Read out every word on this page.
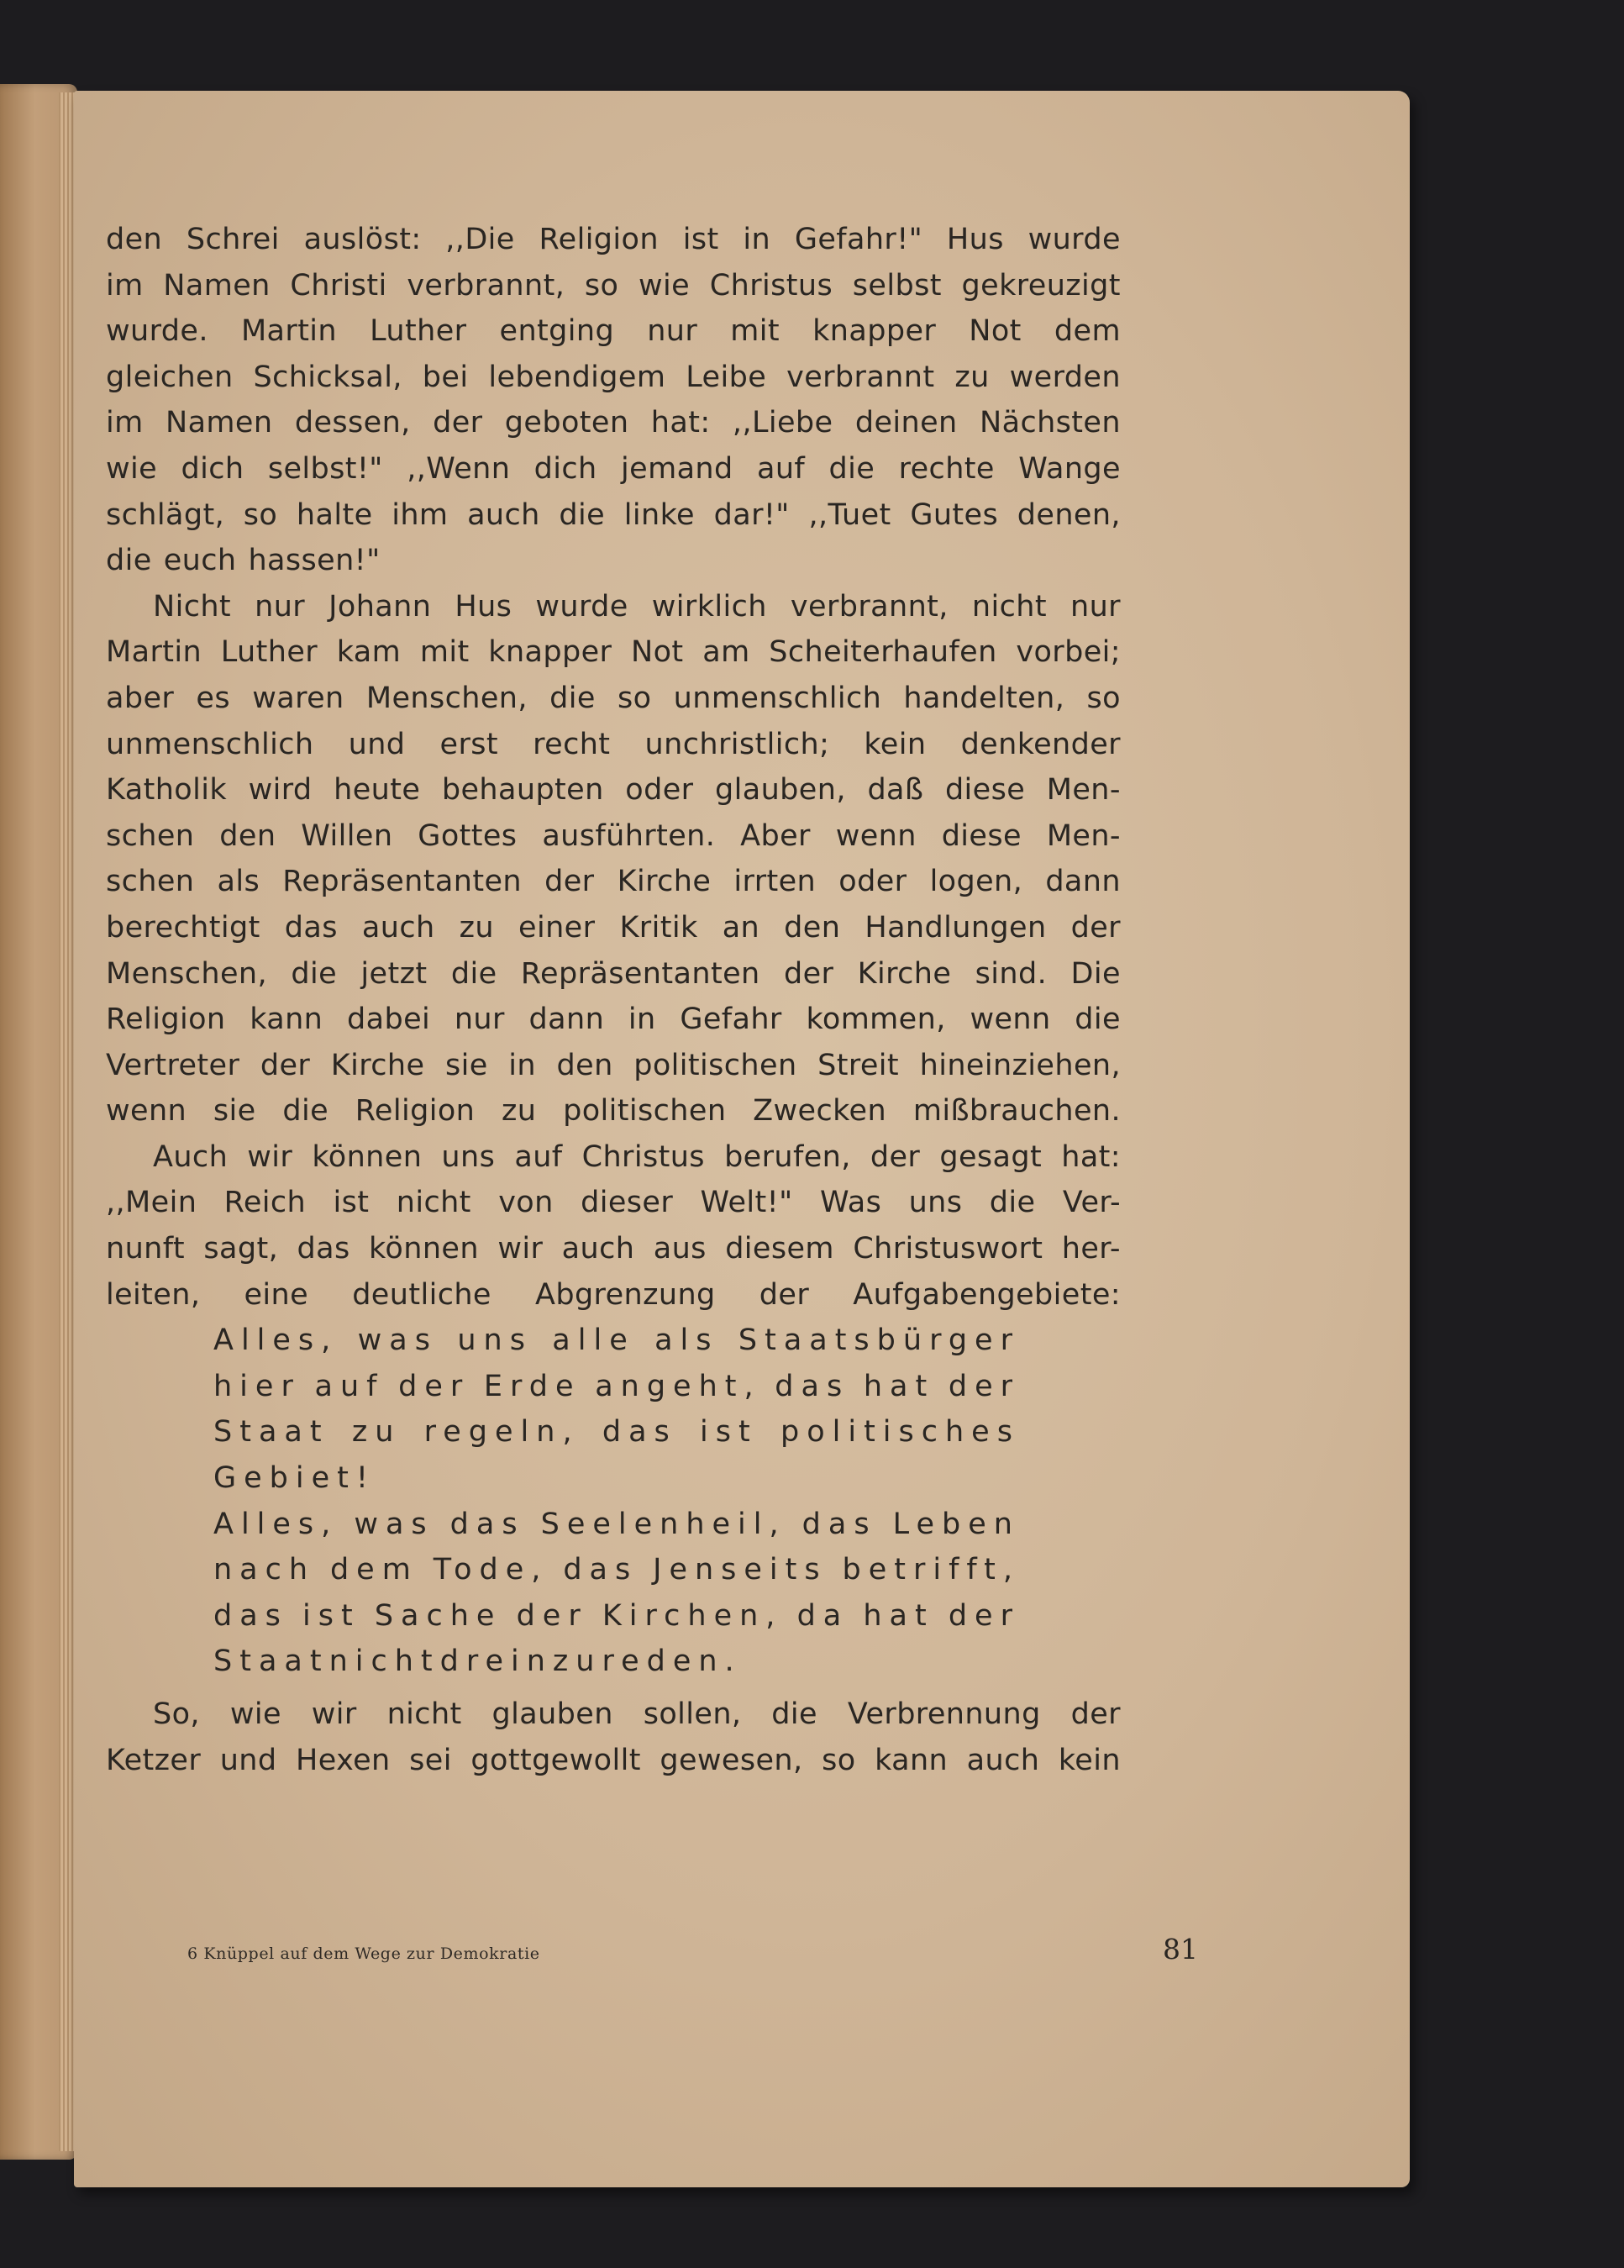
den Schrei auslöst: ,,Die Religion ist in Gefahr!" Hus wurde
im Namen Christi verbrannt, so wie Christus selbst gekreuzigt
wurde. Martin Luther entging nur mit knapper Not dem
gleichen Schicksal, bei lebendigem Leibe verbrannt zu werden
im Namen dessen, der geboten hat: ,,Liebe deinen Nächsten
wie dich selbst!" ,,Wenn dich jemand auf die rechte Wange
schlägt, so halte ihm auch die linke dar!" ,,Tuet Gutes denen,
die euch hassen!"
Nicht nur Johann Hus wurde wirklich verbrannt, nicht nur
Martin Luther kam mit knapper Not am Scheiterhaufen vorbei;
aber es waren Menschen, die so unmenschlich handelten, so
unmenschlich und erst recht unchristlich; kein denkender
Katholik wird heute behaupten oder glauben, daß diese Men-
schen den Willen Gottes ausführten. Aber wenn diese Men-
schen als Repräsentanten der Kirche irrten oder logen, dann
berechtigt das auch zu einer Kritik an den Handlungen der
Menschen, die jetzt die Repräsentanten der Kirche sind. Die
Religion kann dabei nur dann in Gefahr kommen, wenn die
Vertreter der Kirche sie in den politischen Streit hineinziehen,
wenn sie die Religion zu politischen Zwecken mißbrauchen.
Auch wir können uns auf Christus berufen, der gesagt hat:
,,Mein Reich ist nicht von dieser Welt!" Was uns die Ver-
nunft sagt, das können wir auch aus diesem Christuswort her-
leiten, eine deutliche Abgrenzung der Aufgabengebiete:
Alles, was uns alle als Staatsbürger
hier auf der Erde angeht, das hat der
Staat zu regeln, das ist politisches
Gebiet!
Alles, was das Seelenheil, das Leben
nach dem Tode, das Jenseits betrifft,
das ist Sache der Kirchen, da hat der
Staat nicht dreinzureden.
So, wie wir nicht glauben sollen, die Verbrennung der
Ketzer und Hexen sei gottgewollt gewesen, so kann auch kein
6 Knüppel auf dem Wege zur Demokratie	81
